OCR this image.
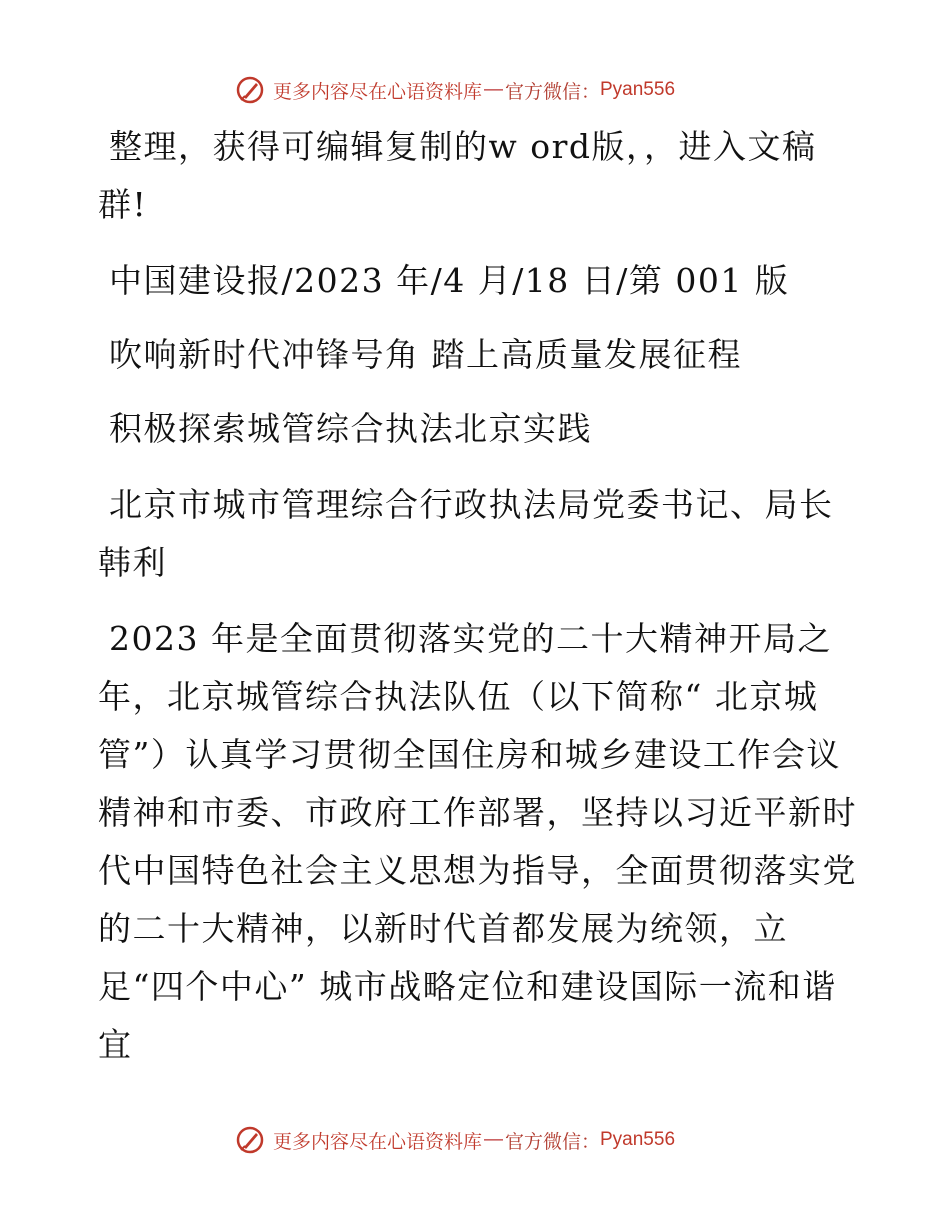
更多内容尽在心语资料库 — 官方微信： Pyan556

整理，获得可编辑复制的w ord版，，进入文稿群!

中国建设报/2023 年/4 月/18 日/第 001 版

吹响新时代冲锋号角 踏上高质量发展征程

积极探索城管综合执法北京实践

北京市城市管理综合行政执法局党委书记、局长韩利

2023 年是全面贯彻落实党的二十大精神开局之年，北京城管综合执法队伍（以下简称“ 北京城管”）认真学习贯彻全国住房和城乡建设工作会议精神和市委、市政府工作部署，坚持以习近平新时代中国特色社会主义思想为指导，全面贯彻落实党的二十大精神，以新时代首都发展为统领，立足“四个中心” 城市战略定位和建设国际一流和谐宜

更多内容尽在心语资料库 — 官方微信： Pyan556
